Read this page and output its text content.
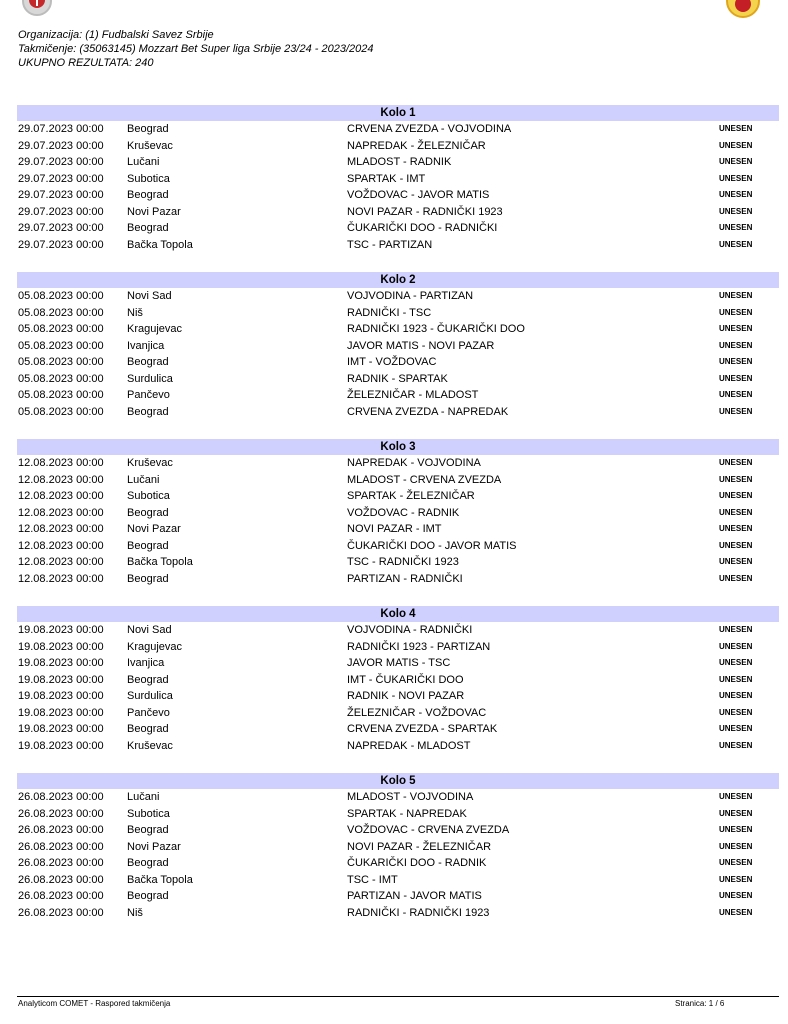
Organizacija: (1) Fudbalski Savez Srbije
Takmičenje: (35063145) Mozzart Bet Super liga Srbije 23/24 - 2023/2024
UKUPNO REZULTATA: 240
Kolo 1
29.07.2023 00:00 Beograd	CRVENA ZVEZDA - VOJVODINA	UNESEN
29.07.2023 00:00 Kruševac	NAPREDAK - ŽELEZNIČAR	UNESEN
29.07.2023 00:00 Lučani	MLADOST - RADNIK	UNESEN
29.07.2023 00:00 Subotica	SPARTAK - IMT	UNESEN
29.07.2023 00:00 Beograd	VOŽDOVAC - JAVOR MATIS	UNESEN
29.07.2023 00:00 Novi Pazar	NOVI PAZAR - RADNIČKI 1923	UNESEN
29.07.2023 00:00 Beograd	ČUKARIČKI DOO - RADNIČKI	UNESEN
29.07.2023 00:00 Bačka Topola	TSC - PARTIZAN	UNESEN
Kolo 2
05.08.2023 00:00 Novi Sad	VOJVODINA - PARTIZAN	UNESEN
05.08.2023 00:00 Niš	RADNIČKI - TSC	UNESEN
05.08.2023 00:00 Kragujevac	RADNIČKI 1923 - ČUKARIČKI DOO	UNESEN
05.08.2023 00:00 Ivanjica	JAVOR MATIS - NOVI PAZAR	UNESEN
05.08.2023 00:00 Beograd	IMT - VOŽDOVAC	UNESEN
05.08.2023 00:00 Surdulica	RADNIK - SPARTAK	UNESEN
05.08.2023 00:00 Pančevo	ŽELEZNIČAR - MLADOST	UNESEN
05.08.2023 00:00 Beograd	CRVENA ZVEZDA - NAPREDAK	UNESEN
Kolo 3
12.08.2023 00:00 Kruševac	NAPREDAK - VOJVODINA	UNESEN
12.08.2023 00:00 Lučani	MLADOST - CRVENA ZVEZDA	UNESEN
12.08.2023 00:00 Subotica	SPARTAK - ŽELEZNIČAR	UNESEN
12.08.2023 00:00 Beograd	VOŽDOVAC - RADNIK	UNESEN
12.08.2023 00:00 Novi Pazar	NOVI PAZAR - IMT	UNESEN
12.08.2023 00:00 Beograd	ČUKARIČKI DOO - JAVOR MATIS	UNESEN
12.08.2023 00:00 Bačka Topola	TSC - RADNIČKI 1923	UNESEN
12.08.2023 00:00 Beograd	PARTIZAN - RADNIČKI	UNESEN
Kolo 4
19.08.2023 00:00 Novi Sad	VOJVODINA - RADNIČKI	UNESEN
19.08.2023 00:00 Kragujevac	RADNIČKI 1923 - PARTIZAN	UNESEN
19.08.2023 00:00 Ivanjica	JAVOR MATIS - TSC	UNESEN
19.08.2023 00:00 Beograd	IMT - ČUKARIČKI DOO	UNESEN
19.08.2023 00:00 Surdulica	RADNIK - NOVI PAZAR	UNESEN
19.08.2023 00:00 Pančevo	ŽELEZNIČAR - VOŽDOVAC	UNESEN
19.08.2023 00:00 Beograd	CRVENA ZVEZDA - SPARTAK	UNESEN
19.08.2023 00:00 Kruševac	NAPREDAK - MLADOST	UNESEN
Kolo 5
26.08.2023 00:00 Lučani	MLADOST - VOJVODINA	UNESEN
26.08.2023 00:00 Subotica	SPARTAK - NAPREDAK	UNESEN
26.08.2023 00:00 Beograd	VOŽDOVAC - CRVENA ZVEZDA	UNESEN
26.08.2023 00:00 Novi Pazar	NOVI PAZAR - ŽELEZNIČAR	UNESEN
26.08.2023 00:00 Beograd	ČUKARIČKI DOO - RADNIK	UNESEN
26.08.2023 00:00 Bačka Topola	TSC - IMT	UNESEN
26.08.2023 00:00 Beograd	PARTIZAN - JAVOR MATIS	UNESEN
26.08.2023 00:00 Niš	RADNIČKI - RADNIČKI 1923	UNESEN
Analyticom COMET - Raspored takmičenja	Stranica: 1 / 6
